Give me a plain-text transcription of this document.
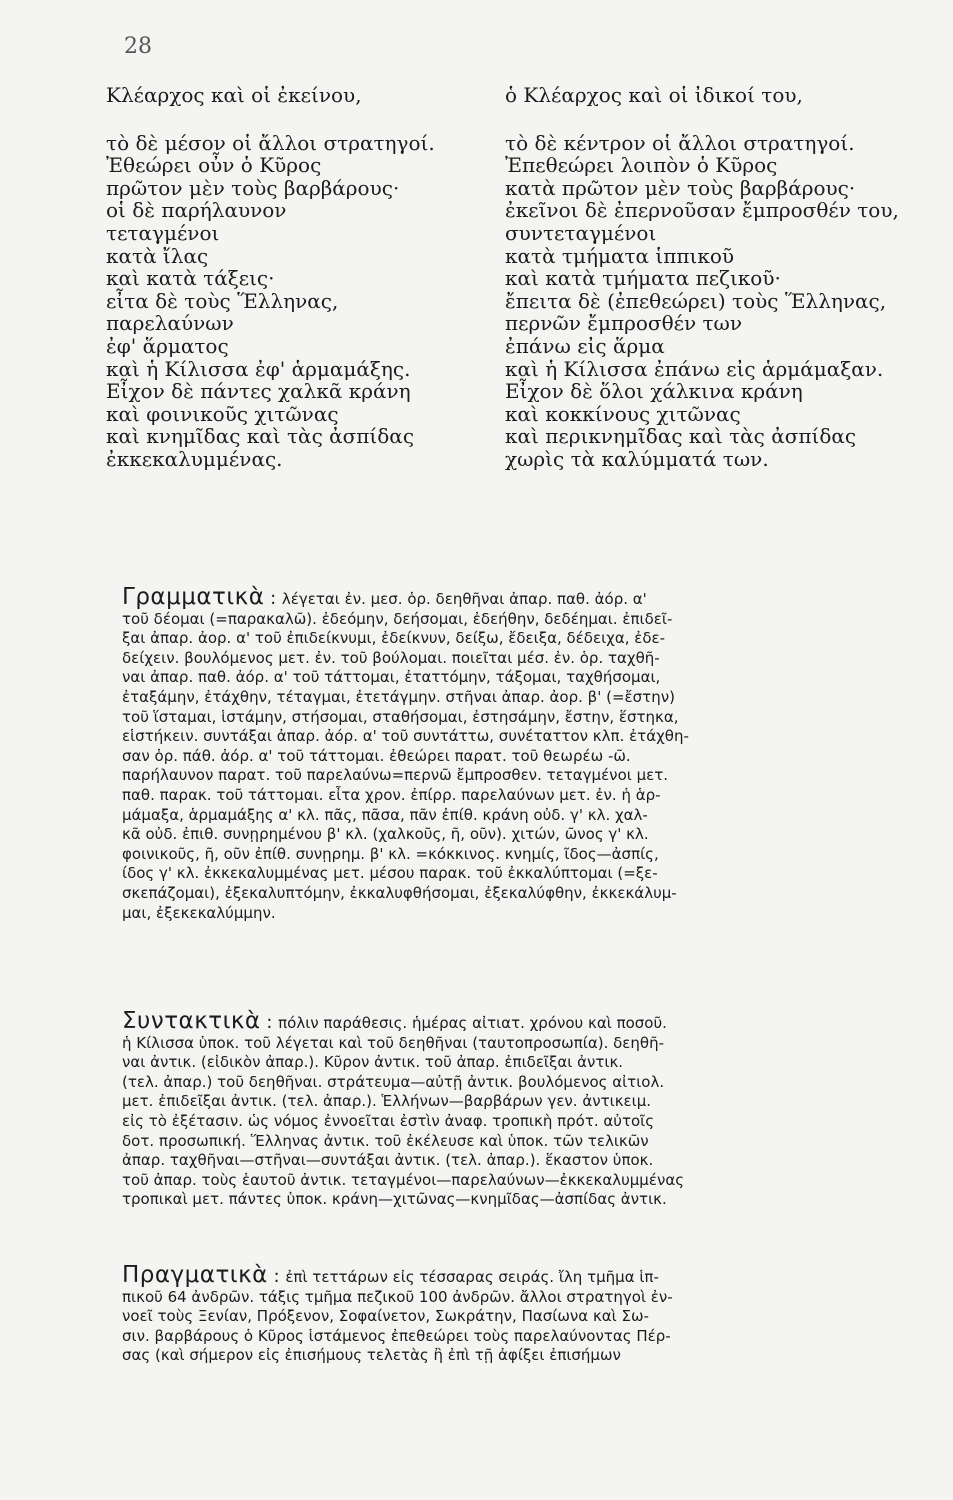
28
Κλέαρχος καὶ οἱ ἐκείνου,
τὸ δὲ μέσον οἱ ἄλλοι στρατηγοί.
Ἐθεώρει οὖν ὁ Κῦρος
πρῶτον μὲν τοὺς βαρβάρους·
οἱ δὲ παρήλαυνον
τεταγμένοι
κατὰ ἴλας
καὶ κατὰ τάξεις·
εἶτα δὲ τοὺς Ἕλληνας,
παρελαύνων
ἐφ' ἅρματος
καὶ ἡ Κίλισσα ἐφ' ἁρμαμάξης.
Εἶχον δὲ πάντες χαλκᾶ κράνη
καὶ φοινικοῦς χιτῶνας
καὶ κνημῖδας καὶ τὰς ἀσπίδας
ἐκκεκαλυμμένας.
ὁ Κλέαρχος καὶ οἱ ἰδικοί του,
τὸ δὲ κέντρον οἱ ἄλλοι στρατηγοί.
Ἐπεθεώρει λοιπὸν ὁ Κῦρος
κατὰ πρῶτον μὲν τοὺς βαρβάρους·
ἐκεῖνοι δὲ ἐπερνοῦσαν ἔμπροσθέν του,
συντεταγμένοι
κατὰ τμήματα ἱππικοῦ
καὶ κατὰ τμήματα πεζικοῦ·
ἔπειτα δὲ (ἐπεθεώρει) τοὺς Ἕλληνας,
περνῶν ἔμπροσθέν των
ἐπάνω εἰς ἅρμα
καὶ ἡ Κίλισσα ἐπάνω εἰς ἁρμάμαξαν.
Εἶχον δὲ ὅλοι χάλκινα κράνη
καὶ κοκκίνους χιτῶνας
καὶ περικνημῖδας καὶ τὰς ἀσπίδας
χωρὶς τὰ καλύμματά των.
Γραμματικὰ : λέγεται ἐν. μεσ. ὁρ. δεηθῆναι ἀπαρ. παθ. ἀόρ. α'
τοῦ δέομαι (=παρακαλῶ). ἐδεόμην, δεήσομαι, ἐδεήθην, δεδέημαι. ἐπιδεῖ-
ξαι ἀπαρ. ἀορ. α' τοῦ ἐπιδείκνυμι, ἐδείκνυν, δείξω, ἔδειξα, δέδειχα, ἐδε-
δείχειν. βουλόμενος μετ. ἐν. τοῦ βούλομαι. ποιεῖται μέσ. ἐν. ὁρ. ταχθῆ-
ναι ἀπαρ. παθ. ἀόρ. α' τοῦ τάττομαι, ἐταττόμην, τάξομαι, ταχθήσομαι,
ἐταξάμην, ἐτάχθην, τέταγμαι, ἐτετάγμην. στῆναι ἀπαρ. ἀορ. β' (=ἔστην)
τοῦ ἵσταμαι, ἱστάμην, στήσομαι, σταθήσομαι, ἐστησάμην, ἔστην, ἕστηκα,
εἱστήκειν. συντάξαι ἀπαρ. ἀόρ. α' τοῦ συντάττω, συνέταττον κλπ. ἐτάχθη-
σαν ὁρ. πάθ. ἀόρ. α' τοῦ τάττομαι. ἐθεώρει παρατ. τοῦ θεωρέω -ῶ.
παρήλαυνον παρατ. τοῦ παρελαύνω=περνῶ ἔμπροσθεν. τεταγμένοι μετ.
παθ. παρακ. τοῦ τάττομαι. εἶτα χρον. ἐπίρρ. παρελαύνων μετ. ἐν. ἡ ἁρ-
μάμαξα, ἁρμαμάξης α' κλ. πᾶς, πᾶσα, πᾶν ἐπίθ. κράνη οὐδ. γ' κλ. χαλ-
κᾶ οὐδ. ἐπιθ. συνῃρημένου β' κλ. (χαλκοῦς, ῆ, οῦν). χιτών, ῶνος γ' κλ.
φοινικοῦς, ῆ, οῦν ἐπίθ. συνῃρημ. β' κλ. =κόκκινος. κνημίς, ῖδος—ἀσπίς,
ίδος γ' κλ. ἐκκεκαλυμμένας μετ. μέσου παρακ. τοῦ ἐκκαλύπτομαι (=ξε-
σκεπάζομαι), ἐξεκαλυπτόμην, ἐκκαλυφθήσομαι, ἐξεκαλύφθην, ἐκκεκάλυμ-
μαι, ἐξεκεκαλύμμην.
Συντακτικὰ : πόλιν παράθεσις. ἡμέρας αἰτιατ. χρόνου καὶ ποσοῦ.
ἡ Κίλισσα ὑποκ. τοῦ λέγεται καὶ τοῦ δεηθῆναι (ταυτοπροσωπία). δεηθῆ-
ναι ἀντικ. (εἰδικὸν ἀπαρ.). Κῦρον ἀντικ. τοῦ ἀπαρ. ἐπιδεῖξαι ἀντικ.
(τελ. ἀπαρ.) τοῦ δεηθῆναι. στράτευμα—αὐτῇ ἀντικ. βουλόμενος αἰτιολ.
μετ. ἐπιδεῖξαι ἀντικ. (τελ. ἀπαρ.). Ἑλλήνων—βαρβάρων γεν. ἀντικειμ.
εἰς τὸ ἐξέτασιν. ὡς νόμος ἐννοεῖται ἐστὶν ἀναφ. τροπικὴ πρότ. αὐτοῖς
δοτ. προσωπική. Ἕλληνας ἀντικ. τοῦ ἐκέλευσε καὶ ὑποκ. τῶν τελικῶν
ἀπαρ. ταχθῆναι—στῆναι—συντάξαι ἀντικ. (τελ. ἀπαρ.). ἕκαστον ὑποκ.
τοῦ ἀπαρ. τοὺς ἑαυτοῦ ἀντικ. τεταγμένοι—παρελαύνων—ἐκκεκαλυμμένας
τροπικαὶ μετ. πάντες ὑποκ. κράνη—χιτῶνας—κνημῖδας—ἀσπίδας ἀντικ.
Πραγματικὰ : ἐπὶ τεττάρων εἰς τέσσαρας σειράς. ἴλη τμῆμα ἱπ-
πικοῦ 64 ἀνδρῶν. τάξις τμῆμα πεζικοῦ 100 ἀνδρῶν. ἄλλοι στρατηγοὶ ἐν-
νοεῖ τοὺς Ξενίαν, Πρόξενον, Σοφαίνετον, Σωκράτην, Πασίωνα καὶ Σω-
σιν. βαρβάρους ὁ Κῦρος ἱστάμενος ἐπεθεώρει τοὺς παρελαύνοντας Πέρ-
σας (καὶ σήμερον εἰς ἐπισήμους τελετὰς ἢ ἐπὶ τῇ ἀφίξει ἐπισήμων
